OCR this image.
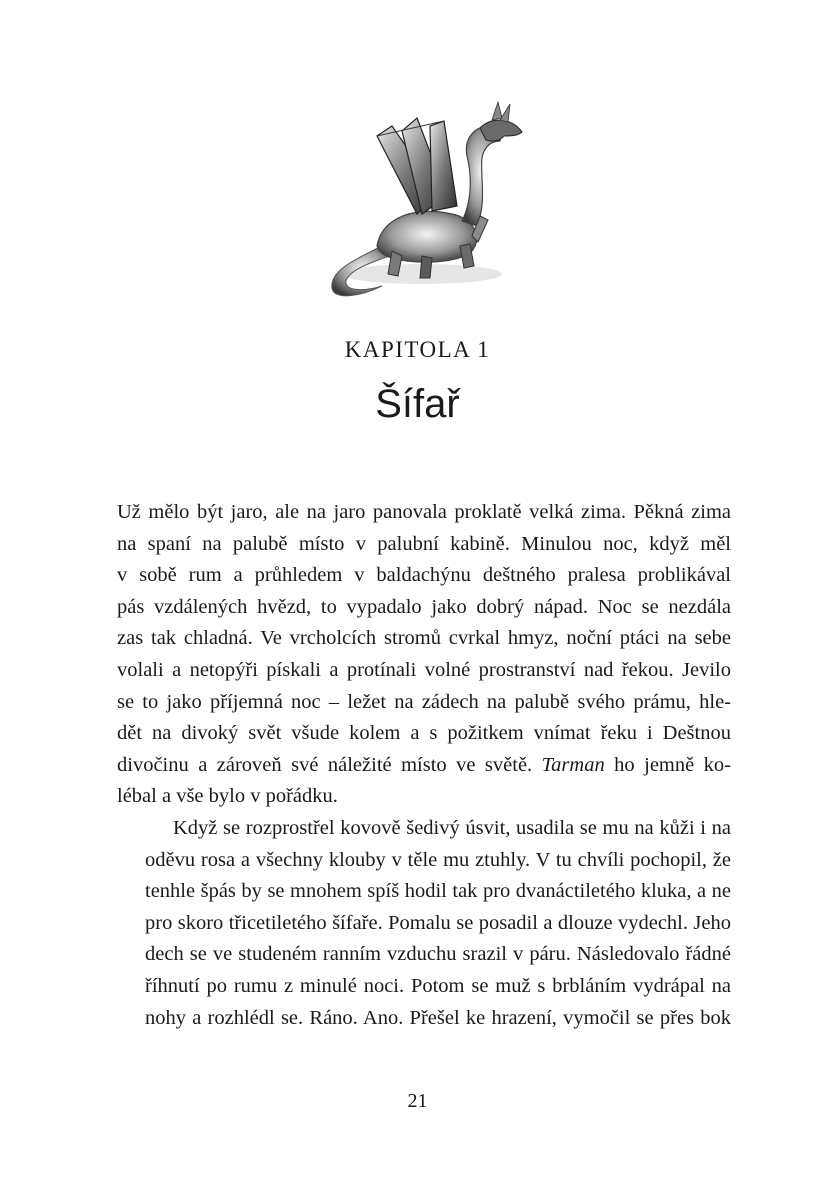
KAPITOLA 1
Šífař

Už mělo být jaro, ale na jaro panovala proklatě velká zima. Pěkná zima
na spaní na palubě místo v palubní kabině. Minulou noc, když měl
v sobě rum a průhledem v baldachýnu deštného pralesa problikával
pás vzdálených hvězd, to vypadalo jako dobrý nápad. Noc se nezdála
zas tak chladná. Ve vrcholcích stromů cvrkal hmyz, noční ptáci na sebe
volali a netopýři pískali a protínali volné prostranství nad řekou. Jevilo
se to jako příjemná noc – ležet na zádech na palubě svého prámu, hle-
dět na divoký svět všude kolem a s požitkem vnímat řeku i Deštnou
divočinu a zároveň své náležité místo ve světě. Tarman ho jemně ko-
lébal a vše bylo v pořádku.

Když se rozprostřel kovově šedivý úsvit, usadila se mu na kůži i na
oděvu rosa a všechny klouby v těle mu ztuhly. V tu chvíli pochopil, že
tenhle špás by se mnohem spíš hodil tak pro dvanáctiletého kluka, a ne
pro skoro třicetiletého šífaře. Pomalu se posadil a dlouze vydechl. Jeho
dech se ve studeném ranním vzduchu srazil v páru. Následovalo řádné
říhnutí po rumu z minulé noci. Potom se muž s brbláním vydrápal na
nohy a rozhlédl se. Ráno. Ano. Přešel ke hrazení, vymočil se přes bok

21
